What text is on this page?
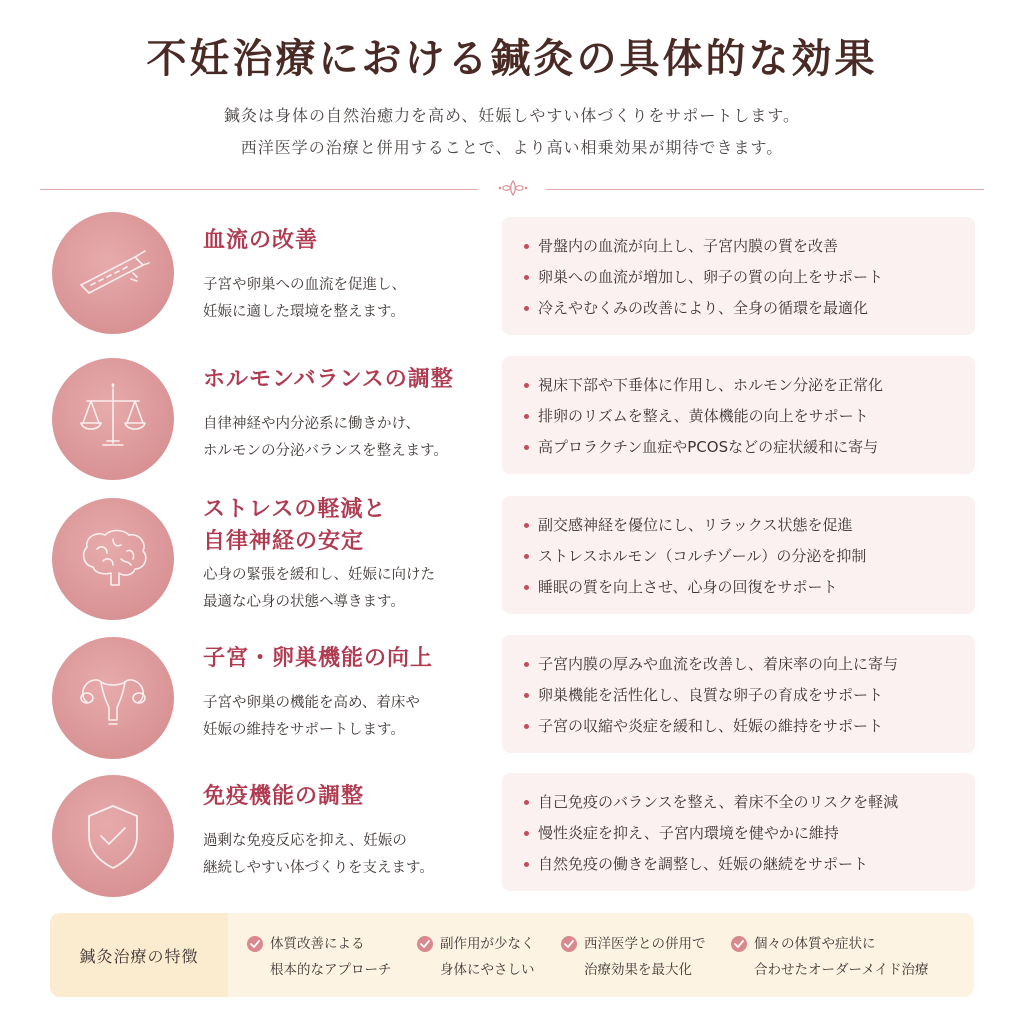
不妊治療における鍼灸の具体的な効果
鍼灸は身体の自然治癒力を高め、妊娠しやすい体づくりをサポートします。
西洋医学の治療と併用することで、より高い相乗効果が期待できます。
血流の改善
子宮や卵巣への血流を促進し、
妊娠に適した環境を整えます。
骨盤内の血流が向上し、子宮内膜の質を改善
卵巣への血流が増加し、卵子の質の向上をサポート
冷えやむくみの改善により、全身の循環を最適化
ホルモンバランスの調整
自律神経や内分泌系に働きかけ、
ホルモンの分泌バランスを整えます。
視床下部や下垂体に作用し、ホルモン分泌を正常化
排卵のリズムを整え、黄体機能の向上をサポート
高プロラクチン血症やPCOSなどの症状緩和に寄与
ストレスの軽減と
自律神経の安定
心身の緊張を緩和し、妊娠に向けた
最適な心身の状態へ導きます。
副交感神経を優位にし、リラックス状態を促進
ストレスホルモン（コルチゾール）の分泌を抑制
睡眠の質を向上させ、心身の回復をサポート
子宮・卵巣機能の向上
子宮や卵巣の機能を高め、着床や
妊娠の維持をサポートします。
子宮内膜の厚みや血流を改善し、着床率の向上に寄与
卵巣機能を活性化し、良質な卵子の育成をサポート
子宮の収縮や炎症を緩和し、妊娠の維持をサポート
免疫機能の調整
過剰な免疫反応を抑え、妊娠の
継続しやすい体づくりを支えます。
自己免疫のバランスを整え、着床不全のリスクを軽減
慢性炎症を抑え、子宮内環境を健やかに維持
自然免疫の働きを調整し、妊娠の継続をサポート
鍼灸治療の特徴
体質改善による
根本的なアプローチ
副作用が少なく
身体にやさしい
西洋医学との併用で
治療効果を最大化
個々の体質や症状に
合わせたオーダーメイド治療
